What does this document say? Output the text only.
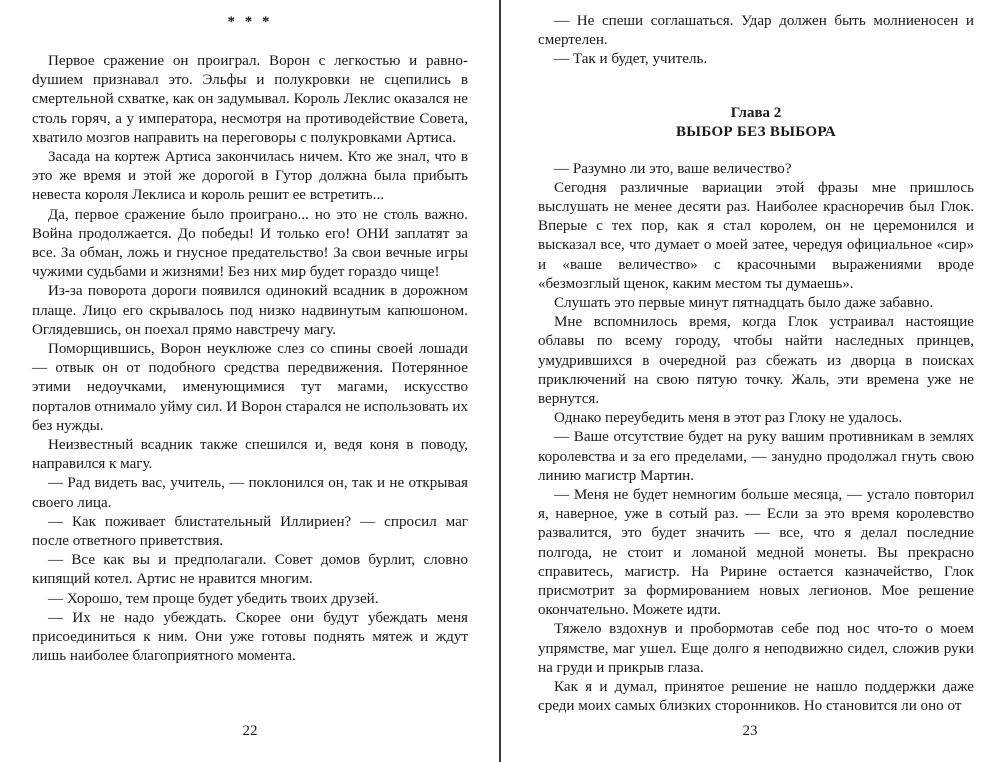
* * *

Первое сражение он проиграл. Ворон с легкостью и равноdушием признавал это. Эльфы и полукровки не сцепились в смертельной схватке, как он задумывал. Король Леклис оказался не столь горяч, а у императора, несмотря на противодействие Совета, хватило мозгов направить на переговоры с полукровками Артиса.

Засада на кортеж Артиса закончилась ничем. Кто же знал, что в это же время и этой же дорогой в Гутор должна была прибыть невеста короля Леклиса и король решит ее встретить...

Да, первое сражение было проиграно... но это не столь важно. Война продолжается. До победы! И только его! ОНИ заплатят за все. За обман, ложь и гнусное предательство! За свои вечные игры чужими судьбами и жизнями! Без них мир будет гораздо чище!

Из-за поворота дороги появился одинокий всадник в дорожном плаще. Лицо его скрывалось под низко надвинутым капюшоном. Оглядевшись, он поехал прямо навстречу магу.

Поморщившись, Ворон неуклюже слез со спины своей лошади — отвык он от подобного средства передвижения. Потерянное этими недоучками, именующимися тут магами, искусство порталов отнимало уйму сил. И Ворон старался не использовать их без нужды.

Неизвестный всадник также спешился и, ведя коня в поводу, направился к магу.

— Рад видеть вас, учитель, — поклонился он, так и не открывая своего лица.

— Как поживает блистательный Иллириен? — спросил маг после ответного приветствия.

— Все как вы и предполагали. Совет домов бурлит, словно кипящий котел. Артис не нравится многим.

— Хорошо, тем проще будет убедить твоих друзей.

— Их не надо убеждать. Скорее они будут убеждать меня присоединиться к ним. Они уже готовы поднять мятеж и ждут лишь наиболее благоприятного момента.

22

— Не спеши соглашаться. Удар должен быть молниеносен и смертелен.

— Так и будет, учитель.

Глава 2
ВЫБОР БЕЗ ВЫБОРА

— Разумно ли это, ваше величество?

Сегодня различные вариации этой фразы мне пришлось выслушать не менее десяти раз. Наиболее красноречив был Глок. Вперые с тех пор, как я стал королем, он не церемонился и высказал все, что думает о моей затее, чередуя официальное «сир» и «ваше величество» с красочными выражениями вроде «безмозглый щенок, каким местом ты думаешь».

Слушать это первые минут пятнадцать было даже забавно.

Мне вспомнилось время, когда Глок устраивал настоящие облавы по всему городу, чтобы найти наследных принцев, умудрившихся в очередной раз сбежать из дворца в поисках приключений на свою пятую точку. Жаль, эти времена уже не вернутся.

Однако переубедить меня в этот раз Глоку не удалось.

— Ваше отсутствие будет на руку вашим противникам в землях королевства и за его пределами, — занудно продолжал гнуть свою линию магистр Мартин.

— Меня не будет немногим больше месяца, — устало повторил я, наверное, уже в сотый раз. — Если за это время королевство развалится, это будет значить — все, что я делал последние полгода, не стоит и ломаной медной монеты. Вы прекрасно справитесь, магистр. На Ририне остается казначейство, Глок присмотрит за формированием новых легионов. Мое решение окончательно. Можете идти.

Тяжело вздохнув и пробормотав себе под нос что-то о моем упрямстве, маг ушел. Еще долго я неподвижно сидел, сложив руки на груди и прикрыв глаза.

Как я и думал, принятое решение не нашло поддержки даже среди моих самых близких сторонников. Но становится ли оно от

23
